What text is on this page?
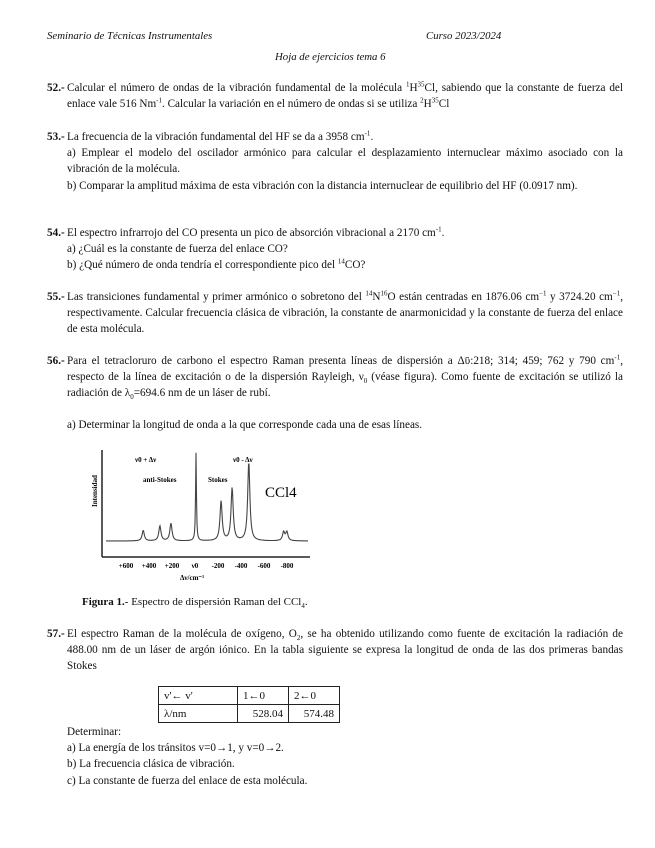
Seminario de Técnicas Instrumentales	Curso 2023/2024
Hoja de ejercicios tema 6
52.- Calcular el número de ondas de la vibración fundamental de la molécula $^1H^{35}Cl$, sabiendo que la constante de fuerza del enlace vale 516 $Nm^{-1}$. Calcular la variación en el número de ondas si se utiliza $^2H^{35}Cl$
53.- La frecuencia de la vibración fundamental del HF se da a 3958 $cm^{-1}$.
a) Emplear el modelo del oscilador armónico para calcular el desplazamiento internuclear máximo asociado con la vibración de la molécula.
b) Comparar la amplitud máxima de esta vibración con la distancia internuclear de equilibrio del HF (0.0917 nm).
54.- El espectro infrarrojo del CO presenta un pico de absorción vibracional a 2170 $cm^{-1}$.
a) ¿Cuál es la constante de fuerza del enlace CO?
b) ¿Qué número de onda tendría el correspondiente pico del $^{14}$CO?
55.- Las transiciones fundamental y primer armónico o sobretono del $^{14}N^{16}O$ están centradas en 1876.06 $cm^{-1}$ y 3724.20 $cm^{-1}$, respectivamente. Calcular frecuencia clásica de vibración, la constante de anarmonicidad y la constante de fuerza del enlace de esta molécula.
56.- Para el tetracloruro de carbono el espectro Raman presenta líneas de dispersión a Δῡ:218; 314; 459; 762 y 790 $cm^{-1}$, respecto de la línea de excitación o de la dispersión Rayleigh, $\nu_0$ (véase figura). Como fuente de excitación se utilizó la radiación de $\lambda_0=694.6$ nm de un láser de rubí.
a) Determinar la longitud de onda a la que corresponde cada una de esas líneas.
Intensidad
ν0 + Δν
anti-Stokes
ν0 - Δν
Stokes
CCl4
+600 +400 +200 ν0 -200 -400 -600 -800
Δν/cm⁻¹
Figura 1.- Espectro de dispersión Raman del CCl$_4$.
57.- El espectro Raman de la molécula de oxígeno, $O_2$, se ha obtenido utilizando como fuente de excitación la radiación de 488.00 nm de un láser de argón iónico. En la tabla siguiente se expresa la longitud de onda de las dos primeras bandas Stokes
v'← v'	1←0	2←0
λ/nm	528.04	574.48
Determinar:
a) La energía de los tránsitos v=0→1, y v=0→2.
b) La frecuencia clásica de vibración.
c) La constante de fuerza del enlace de esta molécula.
